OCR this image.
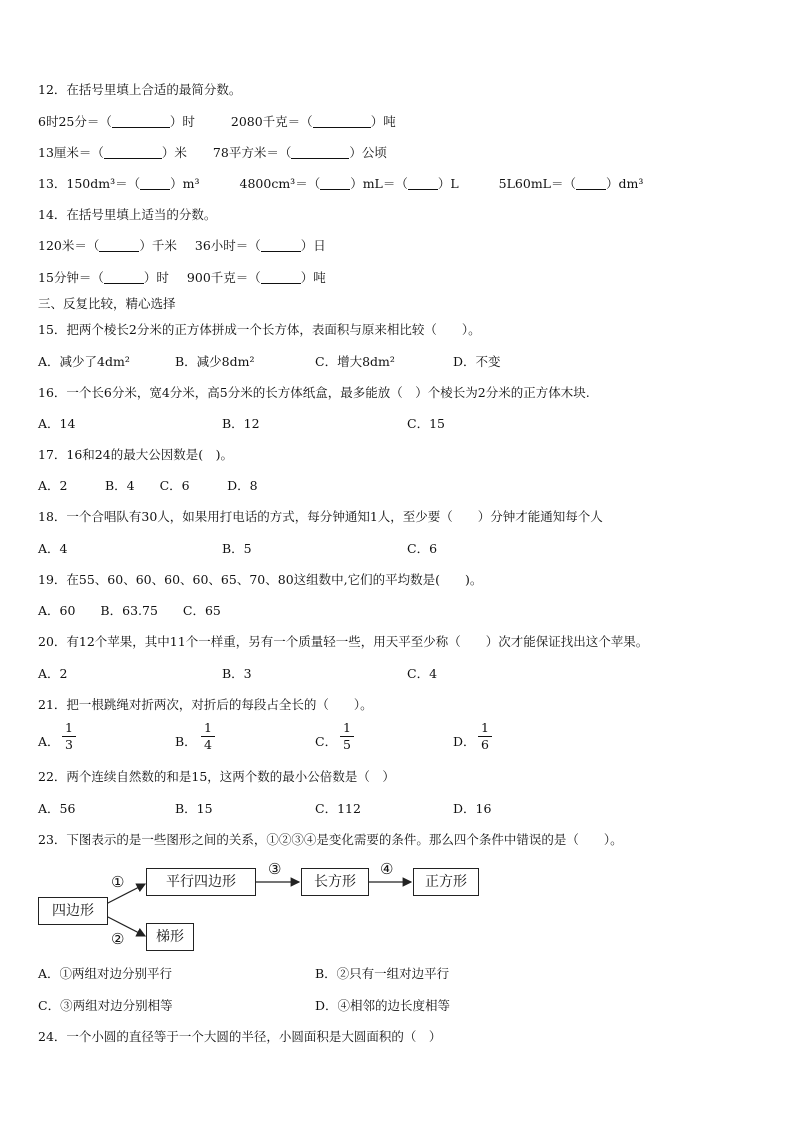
12．在括号里填上合适的最简分数。
6时25分＝（	）时	2080千克＝（	）吨
13厘米＝（	）米 78平方米＝（	）公顷
13．150dm³＝（ ）m³	4800cm³＝（ ）mL＝（ ）L	5L60mL＝（ ）dm³
14．在括号里填上适当的分数。
120米＝（	）千米 36小时＝（	）日
15分钟＝（	）时 900千克＝（	）吨
三、反复比较，精心选择
15．把两个棱长2分米的正方体拼成一个长方体，表面积与原来相比较（　　）。
A．减少了4dm²	B．减少8dm²	C．增大8dm²	D．不变
16．一个长6分米，宽4分米，高5分米的长方体纸盒，最多能放（　）个棱长为2分米的正方体木块.
A．14	B．12	C．15
17．16和24的最大公因数是(　)。
A．2　　　B．4　　C．6　　　D．8
18．一个合唱队有30人，如果用打电话的方式，每分钟通知1人，至少要（　　）分钟才能通知每个人
A．4	B．5	C．6
19．在55、60、60、60、60、65、70、80这组数中,它们的平均数是(　　)。
A．60　　B．63.75　　C．65
20．有12个苹果，其中11个一样重，另有一个质量轻一些，用天平至少称（　　）次才能保证找出这个苹果。
A．2	B．3	C．4
21．把一根跳绳对折两次，对折后的每段占全长的（　　）。
A．
1
3	B．
1
4	C．
1
5	D．
1
6
22．两个连续自然数的和是15，这两个数的最小公倍数是（　）
A．56	B．15	C．112	D．16
23．下图表示的是一些图形之间的关系，①②③④是变化需要的条件。那么四个条件中错误的是（　　）。
四边形
平行四边形	长方形	正方形
梯形
①
②
③	④
A．①两组对边分别平行	B．②只有一组对边平行
C．③两组对边分别相等	D．④相邻的边长度相等
24．一个小圆的直径等于一个大圆的半径，小圆面积是大圆面积的（　）
